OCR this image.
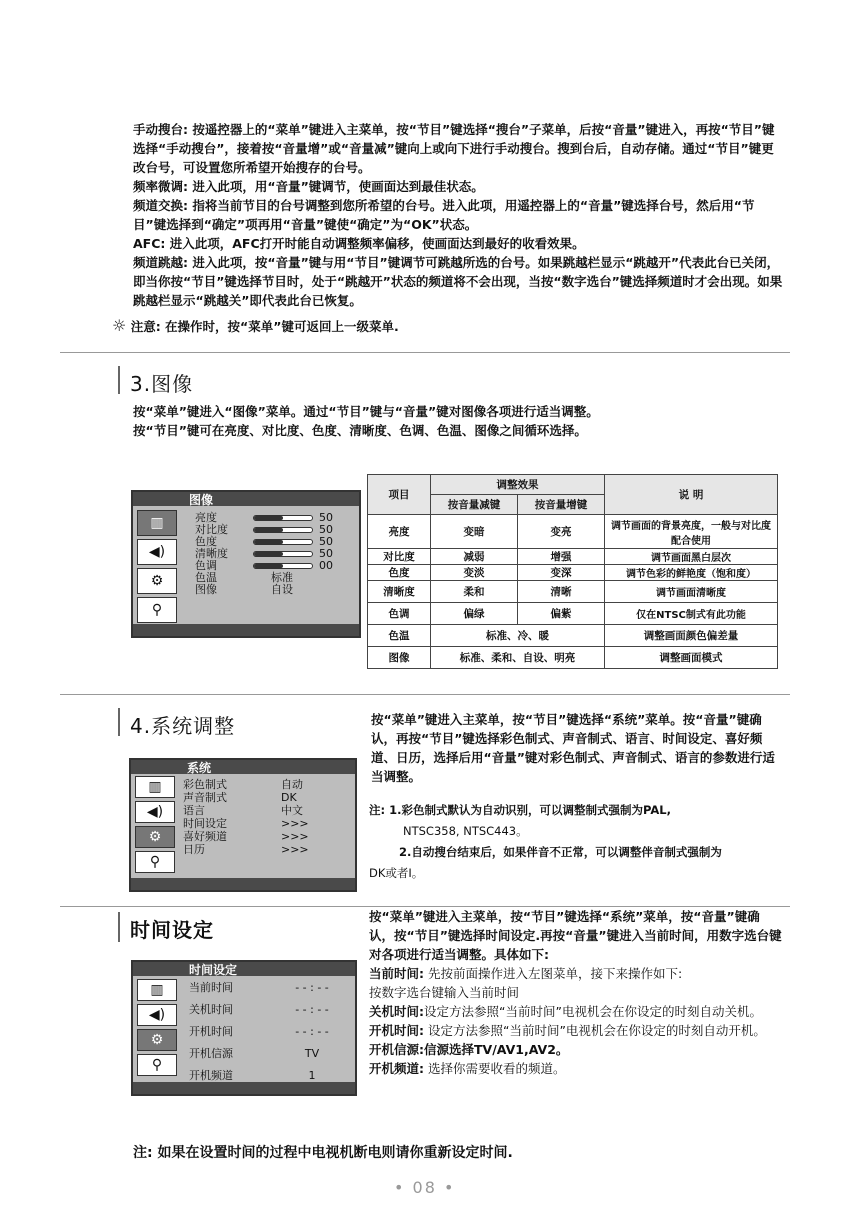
手动搜台: 按遥控器上的“菜单”键进入主菜单，按“节目”键选择“搜台”子菜单，后按“音量”键进入，再按“节目”键选择“手动搜台”，接着按“音量增”或“音量减”键向上或向下进行手动搜台。搜到台后，自动存储。通过“节目”键更改台号，可设置您所希望开始搜存的台号。

频率微调: 进入此项，用“音量”键调节，使画面达到最佳状态。

频道交换: 指将当前节目的台号调整到您所希望的台号。进入此项，用遥控器上的“音量”键选择台号，然后用“节目”键选择到“确定”项再用“音量”键使“确定”为“OK”状态。

AFC: 进入此项，AFC打开时能自动调整频率偏移，使画面达到最好的收看效果。

频道跳越: 进入此项，按“音量”键与用“节目”键调节可跳越所选的台号。如果跳越栏显示“跳越开”代表此台已关闭，即当你按“节目”键选择节目时，处于“跳越开”状态的频道将不会出现，当按“数字选台”键选择频道时才会出现。如果跳越栏显示“跳越关”即代表此台已恢复。

☼ 注意: 在操作时，按“菜单”键可返回上一级菜单.
3.图像

按“菜单”键进入“图像”菜单。通过“节目”键与“音量”键对图像各项进行适当调整。

按“节目”键可在亮度、对比度、色度、清晰度、色调、色温、图像之间循环选择。

图像
▥
◀)
⚙
⚲
亮度	50
对比度	50
色度	50
清晰度	50
色调	00
色温	标准
图像	自设
项目	调整效果		说 明
	按音量减键	按音量增键	
亮度	变暗	变亮	调节画面的背景亮度，一般与对比度配合使用
对比度	减弱	增强	调节画面黑白层次
色度	变淡	变深	调节色彩的鲜艳度（饱和度）
清晰度	柔和	清晰	调节画面清晰度
色调	偏绿	偏紫	仅在NTSC制式有此功能
色温	标准、冷、暖		调整画面颜色偏差量
图像	标准、柔和、自设、明亮		调整画面模式
4.系统调整	按“菜单”键进入主菜单，按“节目”键选择“系统”菜单。按“音量”键确认，再按“节目”键选择彩色制式、声音制式、语言、时间设定、喜好频道、日历，选择后用“音量”键对彩色制式、声音制式、语言的参数进行适当调整。
注: 1.彩色制式默认为自动识别，可以调整制式强制为PAL,
NTSC358, NTSC443。
2.自动搜台结束后，如果伴音不正常，可以调整伴音制式强制为
DK或者I。
系统
▥
◀)
⚙
⚲
彩色制式	自动
声音制式	DK
语言	中文
时间设定	>>>
喜好频道	>>>
日历	>>>
时间设定

按“菜单”键进入主菜单，按“节目”键选择“系统”菜单，按“音量”键确认，按“节目”键选择时间设定.再按“音量”键进入当前时间，用数字选台键对各项进行适当调整。具体如下:

当前时间: 先按前面操作进入左图菜单，接下来操作如下:

按数字选台键输入当前时间

关机时间:设定方法参照“当前时间”电视机会在你设定的时刻自动关机。

开机时间: 设定方法参照“当前时间”电视机会在你设定的时刻自动开机。

开机信源:信源选择TV/AV1,AV2。

开机频道: 选择你需要收看的频道。

时间设定
▥
◀)
⚙
⚲
当前时间	- - : - -
关机时间	- - : - -
开机时间	- - : - -
开机信源	TV
开机频道	1
注: 如果在设置时间的过程中电视机断电则请你重新设定时间.
• 08 •
